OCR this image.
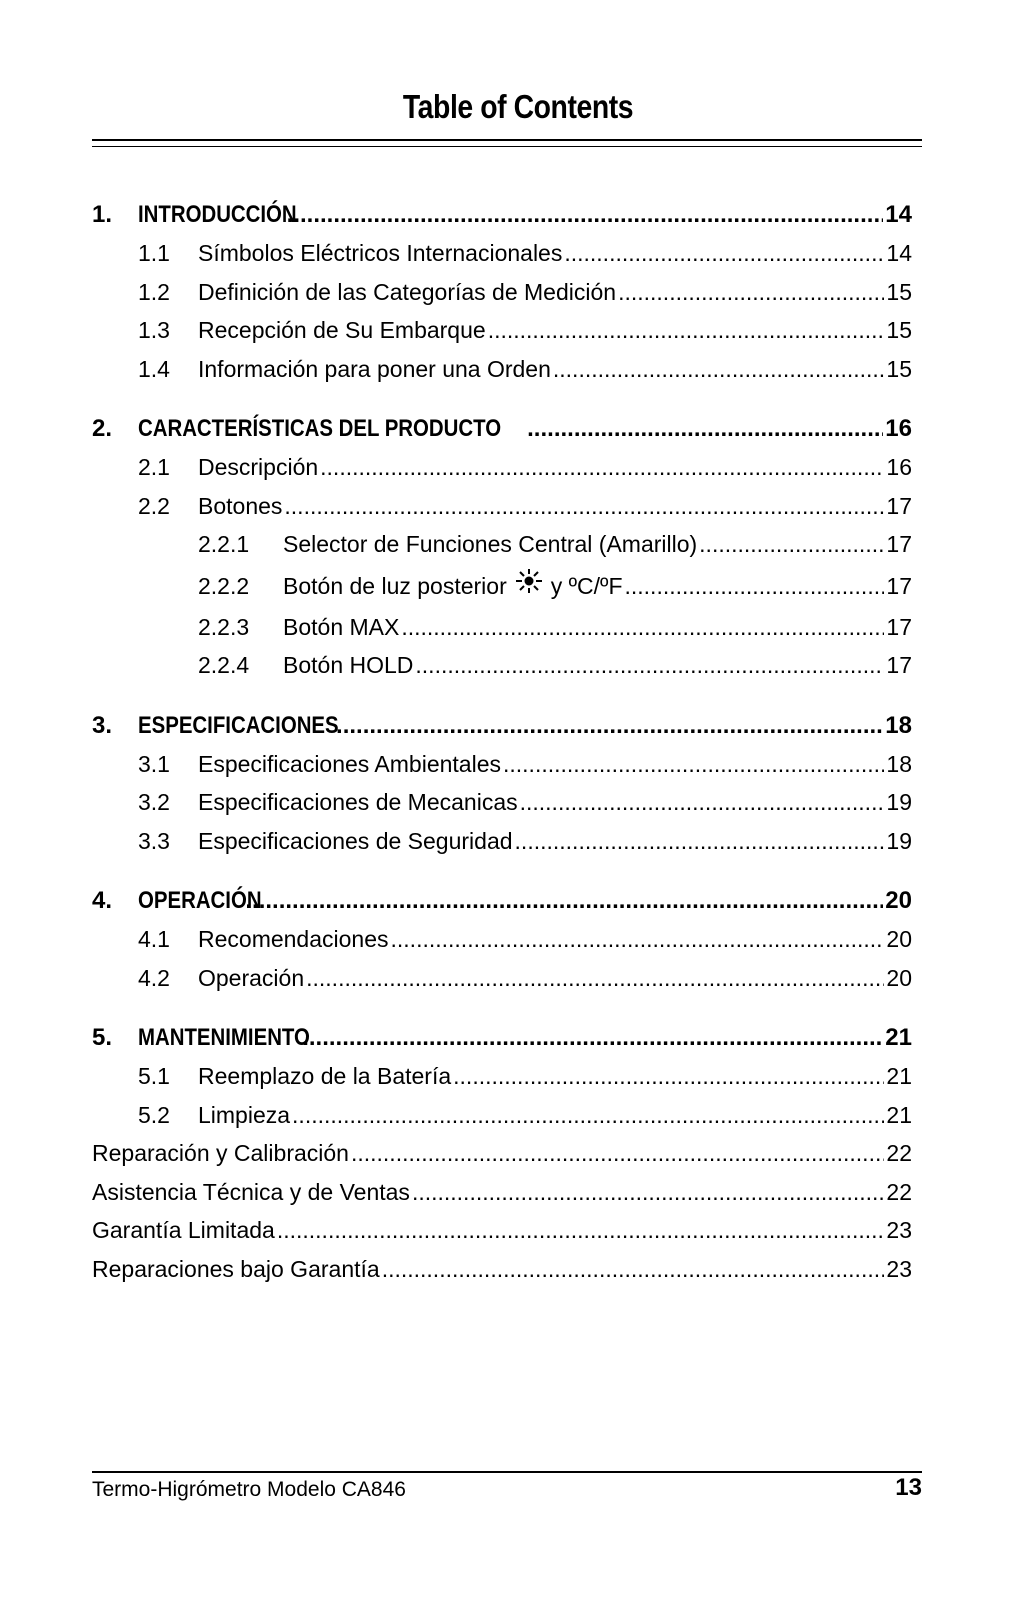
Table of Contents
1.	INTRODUCCIÓN .....	14
1.1	Símbolos Eléctricos Internacionales .....	14
1.2	Definición de las Categorías de Medición .....	15
1.3	Recepción de Su Embarque .....	15
1.4	Información para poner una Orden .....	15
2.	CARACTERÍSTICAS DEL PRODUCTO .....	16
2.1	Descripción .....	16
2.2	Botones .....	17
2.2.1	Selector de Funciones Central (Amarillo) .....	17
2.2.2	Botón de luz posterior y ºC/ºF .....	17
2.2.3	Botón MAX .....	17
2.2.4	Botón HOLD .....	17
3.	ESPECIFICACIONES .....	18
3.1	Especificaciones Ambientales .....	18
3.2	Especificaciones de Mecanicas .....	19
3.3	Especificaciones de Seguridad .....	19
4.	OPERACIÓN .....	20
4.1	Recomendaciones .....	20
4.2	Operación .....	20
5.	MANTENIMIENTO .....	21
5.1	Reemplazo de la Batería .....	21
5.2	Limpieza .....	21
Reparación y Calibración .....	22
Asistencia Técnica y de Ventas .....	22
Garantía Limitada .....	23
Reparaciones bajo Garantía .....	23
Termo-Higrómetro Modelo CA846	13
